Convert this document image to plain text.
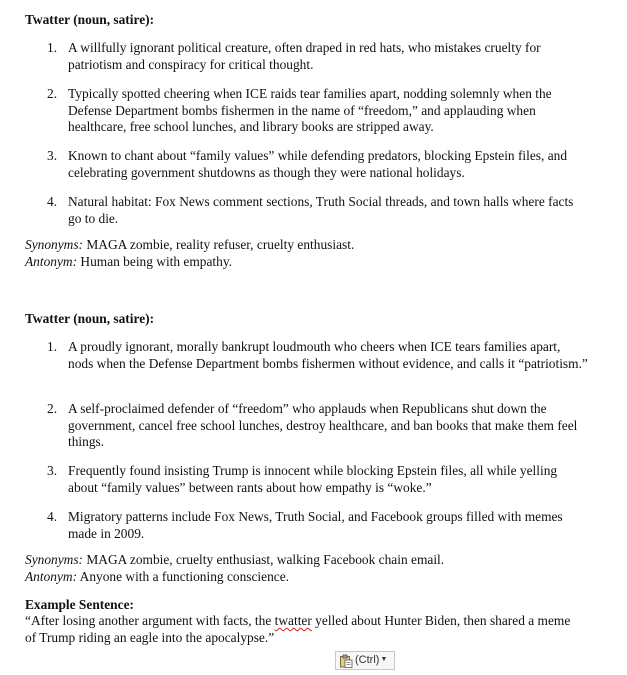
Twatter (noun, satire):
1. A willfully ignorant political creature, often draped in red hats, who mistakes cruelty for patriotism and conspiracy for critical thought.
2. Typically spotted cheering when ICE raids tear families apart, nodding solemnly when the Defense Department bombs fishermen in the name of “freedom,” and applauding when healthcare, free school lunches, and library books are stripped away.
3. Known to chant about “family values” while defending predators, blocking Epstein files, and celebrating government shutdowns as though they were national holidays.
4. Natural habitat: Fox News comment sections, Truth Social threads, and town halls where facts go to die.
Synonyms: MAGA zombie, reality refuser, cruelty enthusiast.
Antonym: Human being with empathy.
Twatter (noun, satire):
1. A proudly ignorant, morally bankrupt loudmouth who cheers when ICE tears families apart, nods when the Defense Department bombs fishermen without evidence, and calls it “patriotism.”
2. A self-proclaimed defender of “freedom” who applauds when Republicans shut down the government, cancel free school lunches, destroy healthcare, and ban books that make them feel things.
3. Frequently found insisting Trump is innocent while blocking Epstein files, all while yelling about “family values” between rants about how empathy is “woke.”
4. Migratory patterns include Fox News, Truth Social, and Facebook groups filled with memes made in 2009.
Synonyms: MAGA zombie, cruelty enthusiast, walking Facebook chain email.
Antonym: Anyone with a functioning conscience.
Example Sentence:
“After losing another argument with facts, the twatter yelled about Hunter Biden, then shared a meme of Trump riding an eagle into the apocalypse.”
(Ctrl) ▼
